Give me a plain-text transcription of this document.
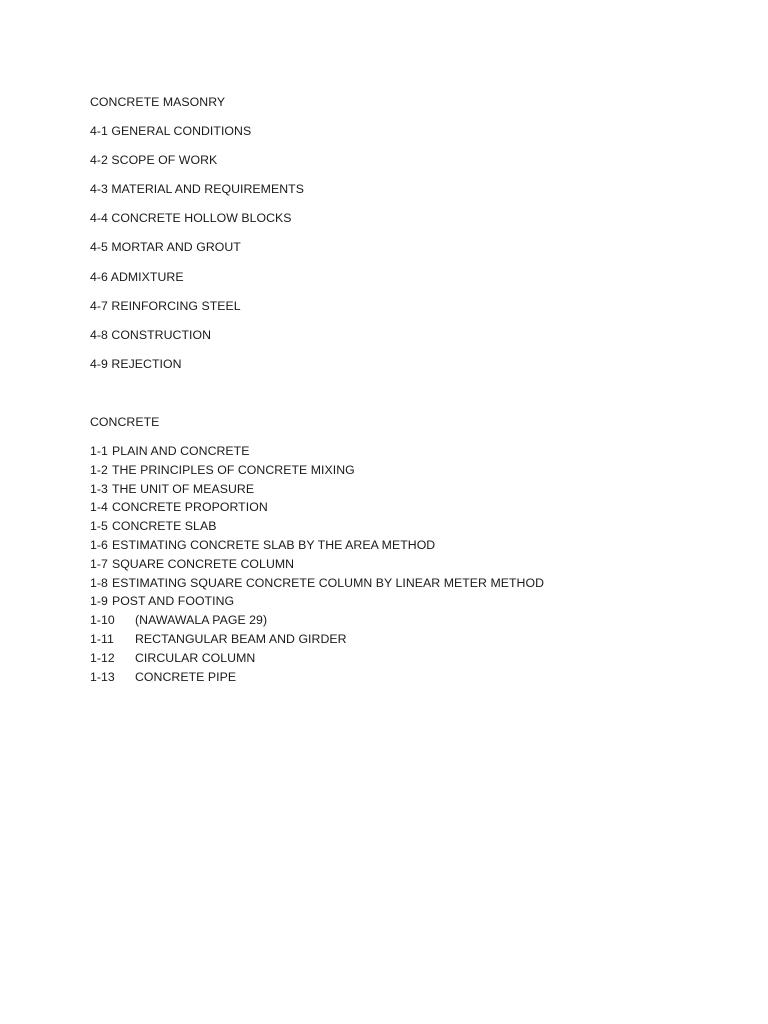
CONCRETE MASONRY
4-1 GENERAL CONDITIONS
4-2 SCOPE OF WORK
4-3 MATERIAL AND REQUIREMENTS
4-4 CONCRETE HOLLOW BLOCKS
4-5 MORTAR AND GROUT
4-6 ADMIXTURE
4-7 REINFORCING STEEL
4-8 CONSTRUCTION
4-9 REJECTION
CONCRETE
1-1 PLAIN AND CONCRETE
1-2 THE PRINCIPLES OF CONCRETE MIXING
1-3 THE UNIT OF MEASURE
1-4 CONCRETE PROPORTION
1-5 CONCRETE SLAB
1-6 ESTIMATING CONCRETE SLAB BY THE AREA METHOD
1-7 SQUARE CONCRETE COLUMN
1-8 ESTIMATING SQUARE CONCRETE COLUMN BY LINEAR METER METHOD
1-9 POST AND FOOTING
1-10	(NAWAWALA PAGE 29)
1-11	RECTANGULAR BEAM AND GIRDER
1-12	CIRCULAR COLUMN
1-13	CONCRETE PIPE
